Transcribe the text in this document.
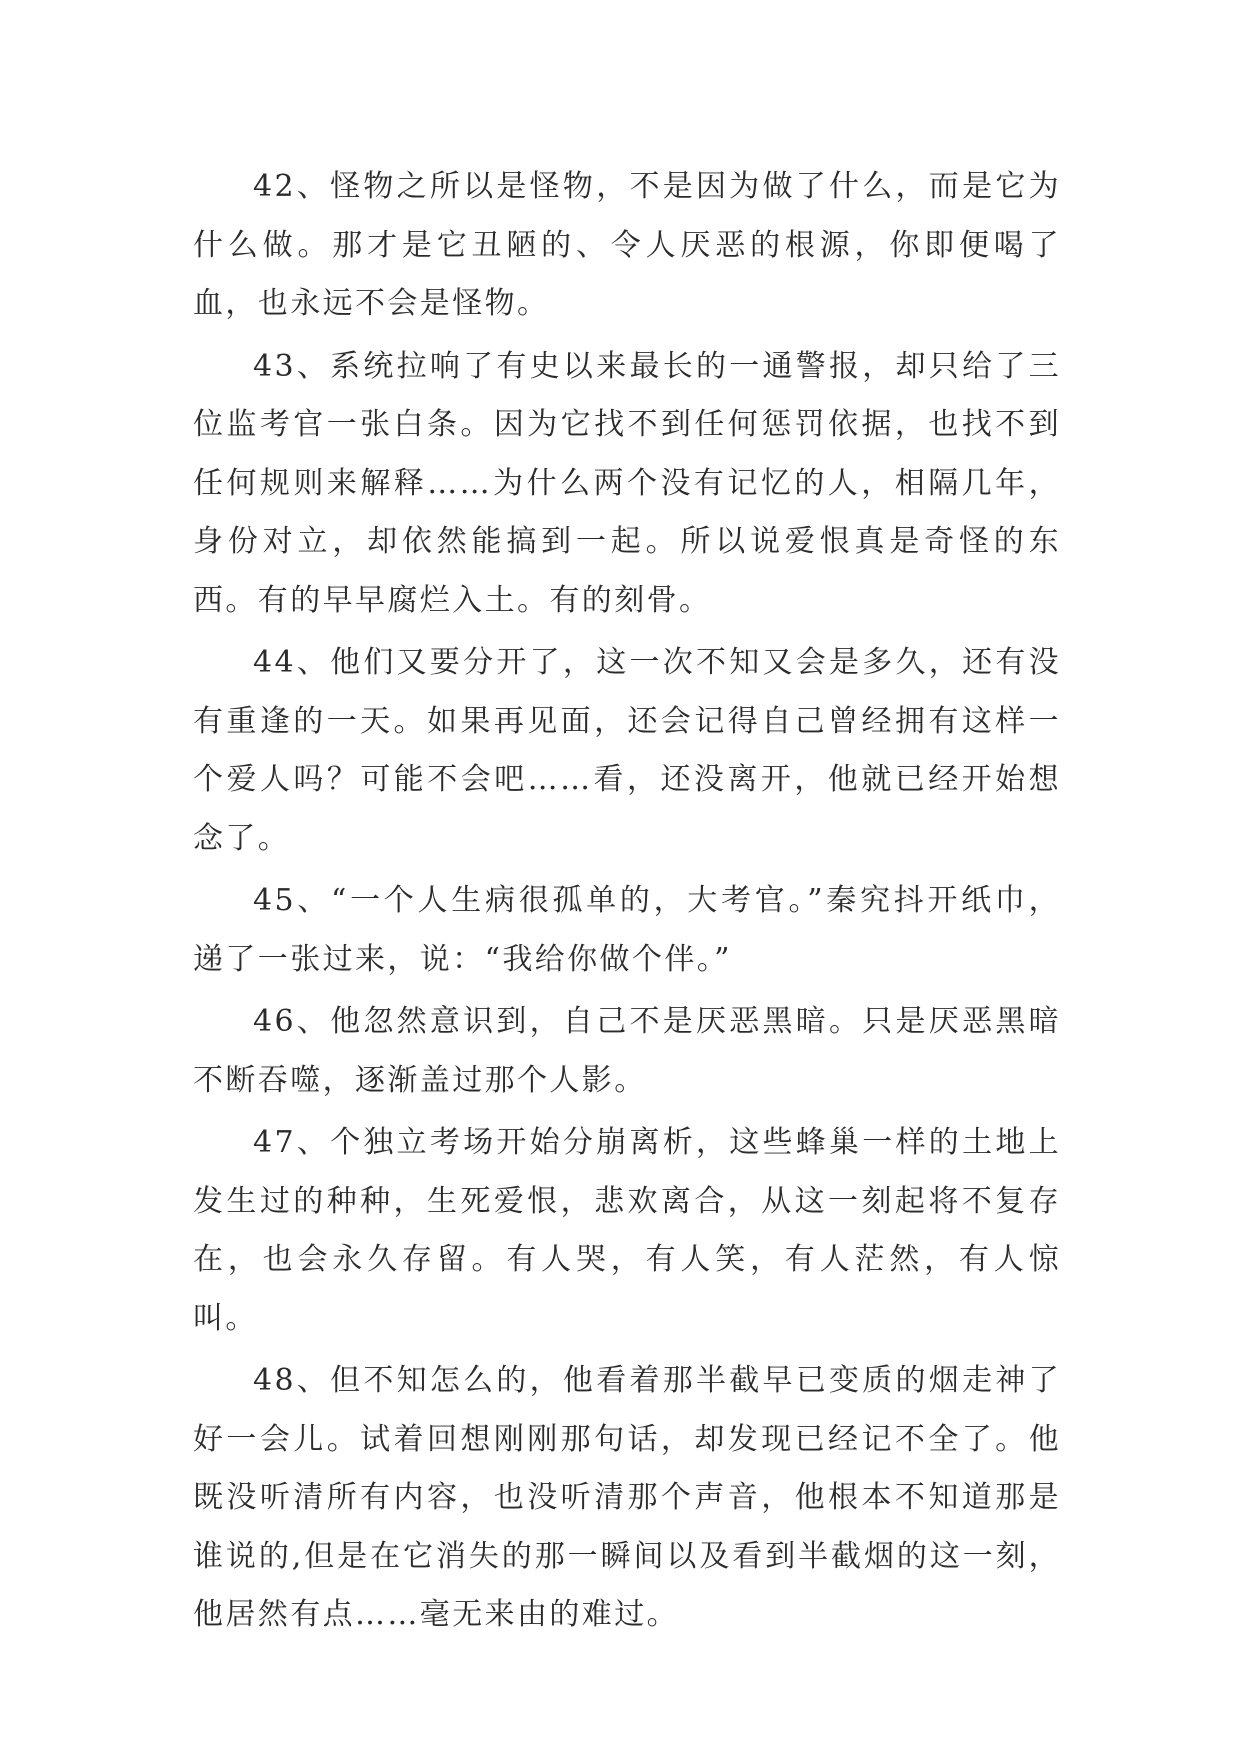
42、怪物之所以是怪物，不是因为做了什么，而是它为什么做。那才是它丑陋的、令人厌恶的根源，你即便喝了血，也永远不会是怪物。

43、系统拉响了有史以来最长的一通警报，却只给了三位监考官一张白条。因为它找不到任何惩罚依据，也找不到任何规则来解释……为什么两个没有记忆的人，相隔几年，身份对立，却依然能搞到一起。所以说爱恨真是奇怪的东西。有的早早腐烂入土。有的刻骨。

44、他们又要分开了，这一次不知又会是多久，还有没有重逢的一天。如果再见面，还会记得自己曾经拥有这样一个爱人吗？可能不会吧……看，还没离开，他就已经开始想念了。

45、“一个人生病很孤单的，大考官。”秦究抖开纸巾，递了一张过来，说：“我给你做个伴。”

46、他忽然意识到，自己不是厌恶黑暗。只是厌恶黑暗不断吞噬，逐渐盖过那个人影。

47、个独立考场开始分崩离析，这些蜂巢一样的土地上发生过的种种，生死爱恨，悲欢离合，从这一刻起将不复存在，也会永久存留。有人哭，有人笑，有人茫然，有人惊叫。

48、但不知怎么的，他看着那半截早已变质的烟走神了好一会儿。试着回想刚刚那句话，却发现已经记不全了。他既没听清所有内容，也没听清那个声音，他根本不知道那是谁说的,但是在它消失的那一瞬间以及看到半截烟的这一刻，他居然有点……毫无来由的难过。
